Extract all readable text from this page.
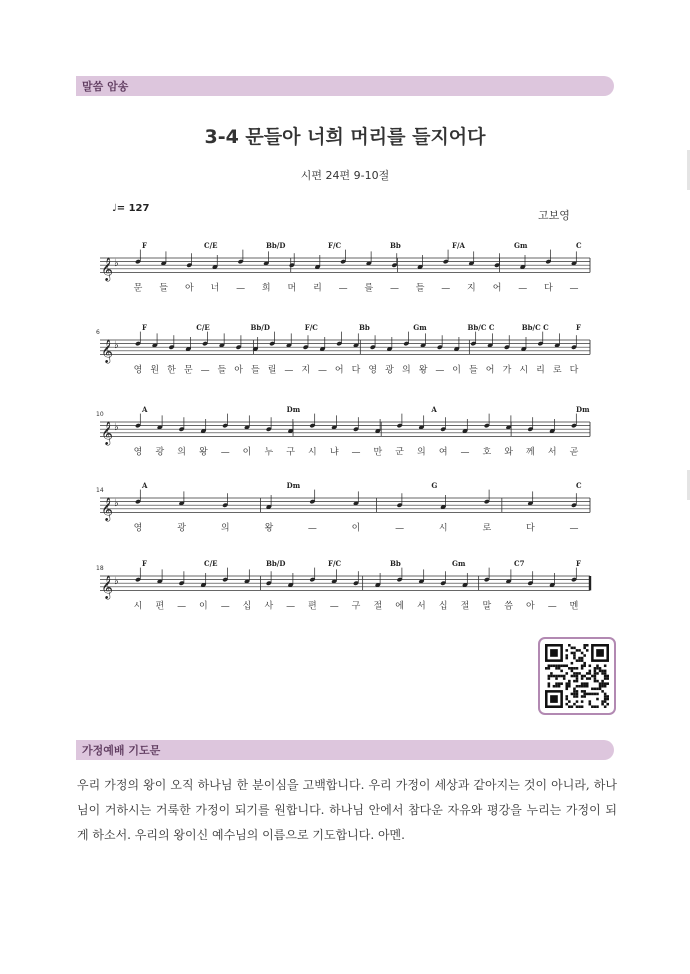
말씀 암송
3-4 문들아 너희 머리를 들지어다
시편 24편 9-10절
♩= 127
고보영
𝄞 ♭
F	C/E	Bb/D	F/C	Bb	F/A	Gm	C
문 들 아 너 — 희 머 리 — 를 — 들 — 지 어 — 다 —
𝄞 ♭
6
F	C/E	Bb/D	F/C	Bb	Gm	Bb/C C	Bb/C C	F
영 원 한 문 — 들 아 들 릴 — 지 — 어 다 영 광 의 왕 — 이 들 어 가 시 리 로 다
𝄞 ♭
10
A	Dm	A	Dm
영 광 의 왕 — 이 누 구 시 냐 — 만 군 의 여 — 호 와 께 서 곧
𝄞 ♭
14
A	Dm	G	C
영	광	의	왕	—	이	—	시	로	다	—
𝄞 ♭
18
F	C/E	Bb/D	F/C	Bb	Gm	C7	F
시 편 — 이 — 십 사 — 편 — 구 절 에 서 십 절 말 씀 아 — 멘
가정예배 기도문
우리 가정의 왕이 오직 하나님 한 분이심을 고백합니다. 우리 가정이 세상과 같아지는 것이 아니라, 하나님이 거하시는 거룩한 가정이 되기를 원합니다. 하나님 안에서 참다운 자유와 평강을 누리는 가정이 되게 하소서. 우리의 왕이신 예수님의 이름으로 기도합니다. 아멘.
